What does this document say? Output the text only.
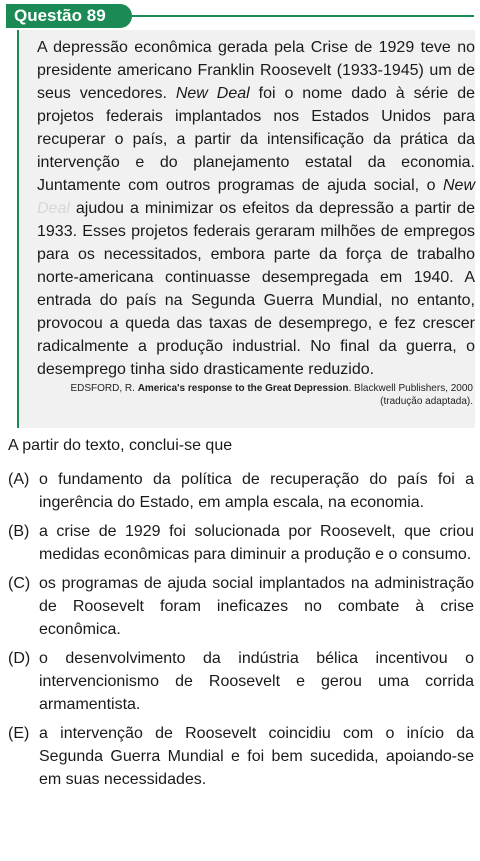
Questão 89

A depressão econômica gerada pela Crise de 1929 teve no presidente americano Franklin Roosevelt (1933-1945) um de seus vencedores. New Deal foi o nome dado à série de projetos federais implantados nos Estados Unidos para recuperar o país, a partir da intensificação da prática da intervenção e do planejamento estatal da economia. Juntamente com outros programas de ajuda social, o New Deal ajudou a minimizar os efeitos da depressão a partir de 1933. Esses projetos federais geraram milhões de empregos para os necessitados, embora parte da força de trabalho norte-americana continuasse desempregada em 1940. A entrada do país na Segunda Guerra Mundial, no entanto, provocou a queda das taxas de desemprego, e fez crescer radicalmente a produção industrial. No final da guerra, o desemprego tinha sido drasticamente reduzido.

EDSFORD, R. America's response to the Great Depression. Blackwell Publishers, 2000 (tradução adaptada).

A partir do texto, conclui-se que

(A) o fundamento da política de recuperação do país foi a ingerência do Estado, em ampla escala, na economia.
(B) a crise de 1929 foi solucionada por Roosevelt, que criou medidas econômicas para diminuir a produção e o consumo.
(C) os programas de ajuda social implantados na administração de Roosevelt foram ineficazes no combate à crise econômica.
(D) o desenvolvimento da indústria bélica incentivou o intervencionismo de Roosevelt e gerou uma corrida armamentista.
(E) a intervenção de Roosevelt coincidiu com o início da Segunda Guerra Mundial e foi bem sucedida, apoiando-se em suas necessidades.
